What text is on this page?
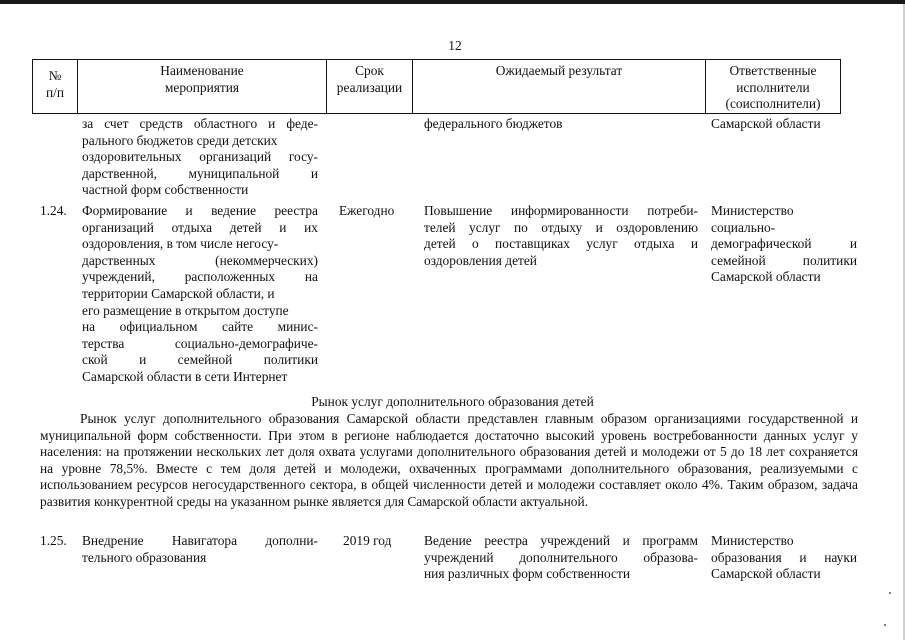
12
№
п/п
Наименование
мероприятия
Срок
реализации
Ожидаемый результат	Ответственные
исполнители
(соисполнители)
за счет средств областного и феде-
рального бюджетов среди детских
оздоровительных организаций госу-
дарственной, муниципальной и
частной форм собственности
федерального бюджетов	Самарской области
1.24. Формирование и ведение реестра
организаций отдыха детей и их
оздоровления, в том числе негосу-
дарственных (некоммерческих)
учреждений, расположенных на
территории Самарской области, и
его размещение в открытом доступе
на официальном сайте минис-
терства социально-демографиче-
ской и семейной политики
Самарской области в сети Интернет
Ежегодно Повышение информированности потреби-
телей услуг по отдыху и оздоровлению
детей о поставщиках услуг отдыха и
оздоровления детей
Министерство
социально-
демографической и
семейной политики
Самарской области
Рынок услуг дополнительного образования детей

Рынок услуг дополнительного образования Самарской области представлен главным образом организациями государственной и муниципальной форм собственности. При этом в регионе наблюдается достаточно высокий уровень востребованности данных услуг у населения: на протяжении нескольких лет доля охвата услугами дополнительного образования детей и молодежи от 5 до 18 лет сохраняется на уровне 78,5%. Вместе с тем доля детей и молодежи, охваченных программами дополнительного образования, реализуемыми с использованием ресурсов негосударственного сектора, в общей численности детей и молодежи составляет около 4%. Таким образом, задача развития конкурентной среды на указанном рынке является для Самарской области актуальной.

1.25. Внедрение Навигатора дополни-
тельного образования
2019 год Ведение реестра учреждений и программ
учреждений дополнительного образова-
ния различных форм собственности
Министерство
образования и науки
Самарской области
